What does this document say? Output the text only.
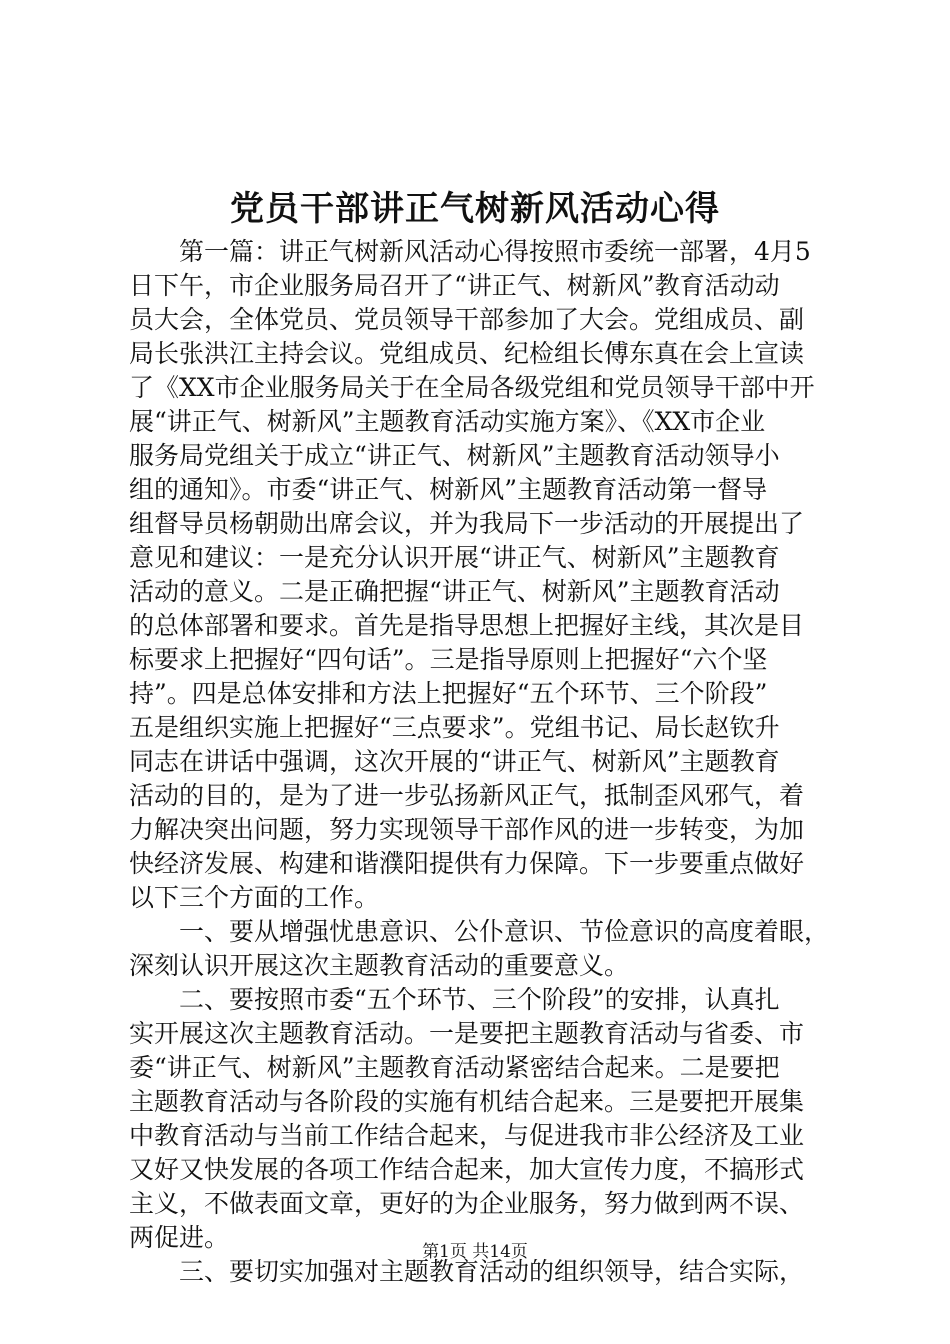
党员干部讲正气树新风活动心得
第一篇：讲正气树新风活动心得按照市委统一部署，4月5
日下午，市企业服务局召开了“讲正气、树新风”教育活动动
员大会，全体党员、党员领导干部参加了大会。党组成员、副
局长张洪江主持会议。党组成员、纪检组长傅东真在会上宣读
了《XX市企业服务局关于在全局各级党组和党员领导干部中开
展“讲正气、树新风”主题教育活动实施方案》、《XX市企业
服务局党组关于成立“讲正气、树新风”主题教育活动领导小
组的通知》。市委“讲正气、树新风”主题教育活动第一督导
组督导员杨朝勋出席会议，并为我局下一步活动的开展提出了
意见和建议：一是充分认识开展“讲正气、树新风”主题教育
活动的意义。二是正确把握“讲正气、树新风”主题教育活动
的总体部署和要求。首先是指导思想上把握好主线，其次是目
标要求上把握好“四句话”。三是指导原则上把握好“六个坚
持”。四是总体安排和方法上把握好“五个环节、三个阶段”
五是组织实施上把握好“三点要求”。党组书记、局长赵钦升
同志在讲话中强调，这次开展的“讲正气、树新风”主题教育
活动的目的，是为了进一步弘扬新风正气，抵制歪风邪气，着
力解决突出问题，努力实现领导干部作风的进一步转变，为加
快经济发展、构建和谐濮阳提供有力保障。下一步要重点做好
以下三个方面的工作。
一、要从增强忧患意识、公仆意识、节俭意识的高度着眼，
深刻认识开展这次主题教育活动的重要意义。
二、要按照市委“五个环节、三个阶段”的安排，认真扎
实开展这次主题教育活动。一是要把主题教育活动与省委、市
委“讲正气、树新风”主题教育活动紧密结合起来。二是要把
主题教育活动与各阶段的实施有机结合起来。三是要把开展集
中教育活动与当前工作结合起来，与促进我市非公经济及工业
又好又快发展的各项工作结合起来，加大宣传力度，不搞形式
主义，不做表面文章，更好的为企业服务，努力做到两不误、
两促进。
三、要切实加强对主题教育活动的组织领导，结合实际，
第1页 共14页
